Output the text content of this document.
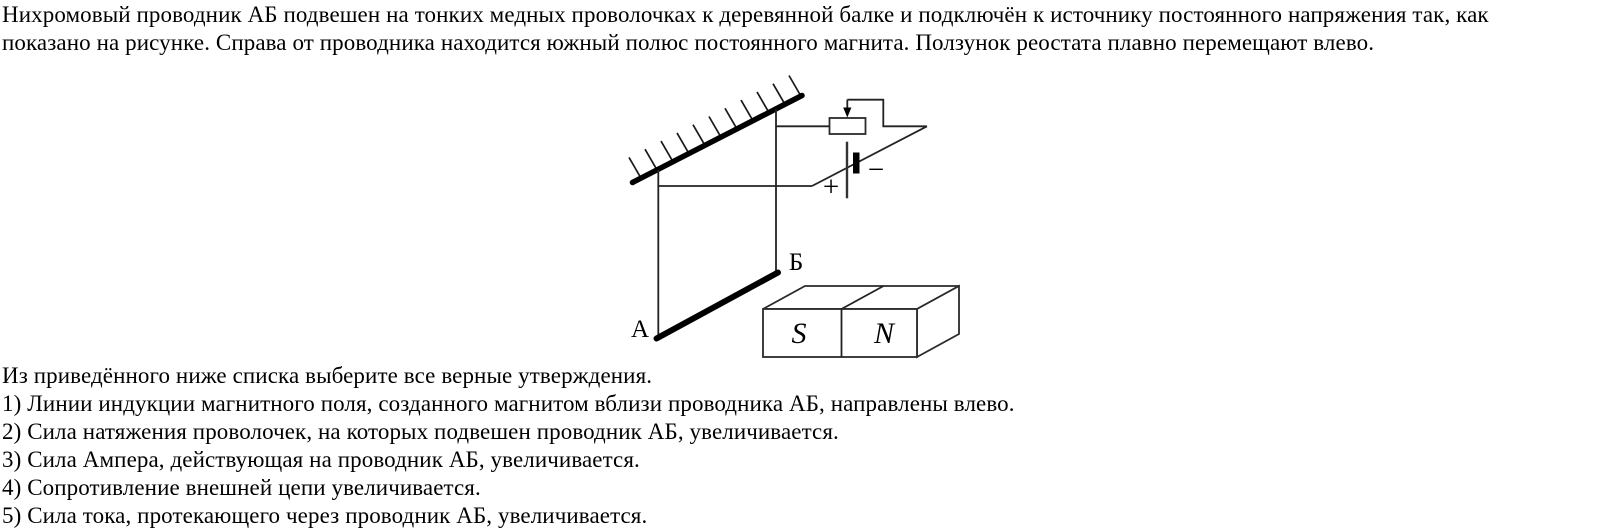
Нихромовый проводник АБ подвешен на тонких медных проволочках к деревянной балке и подключён к источнику постоянного напряжения так, как
показано на рисунке. Справа от проводника находится южный полюс постоянного магнита. Ползунок реостата плавно перемещают влево.
+
−
А
Б
S N
Из приведённого ниже списка выберите все верные утверждения.
1) Линии индукции магнитного поля, созданного магнитом вблизи проводника АБ, направлены влево.
2) Сила натяжения проволочек, на которых подвешен проводник АБ, увеличивается.
3) Сила Ампера, действующая на проводник АБ, увеличивается.
4) Сопротивление внешней цепи увеличивается.
5) Сила тока, протекающего через проводник АБ, увеличивается.
